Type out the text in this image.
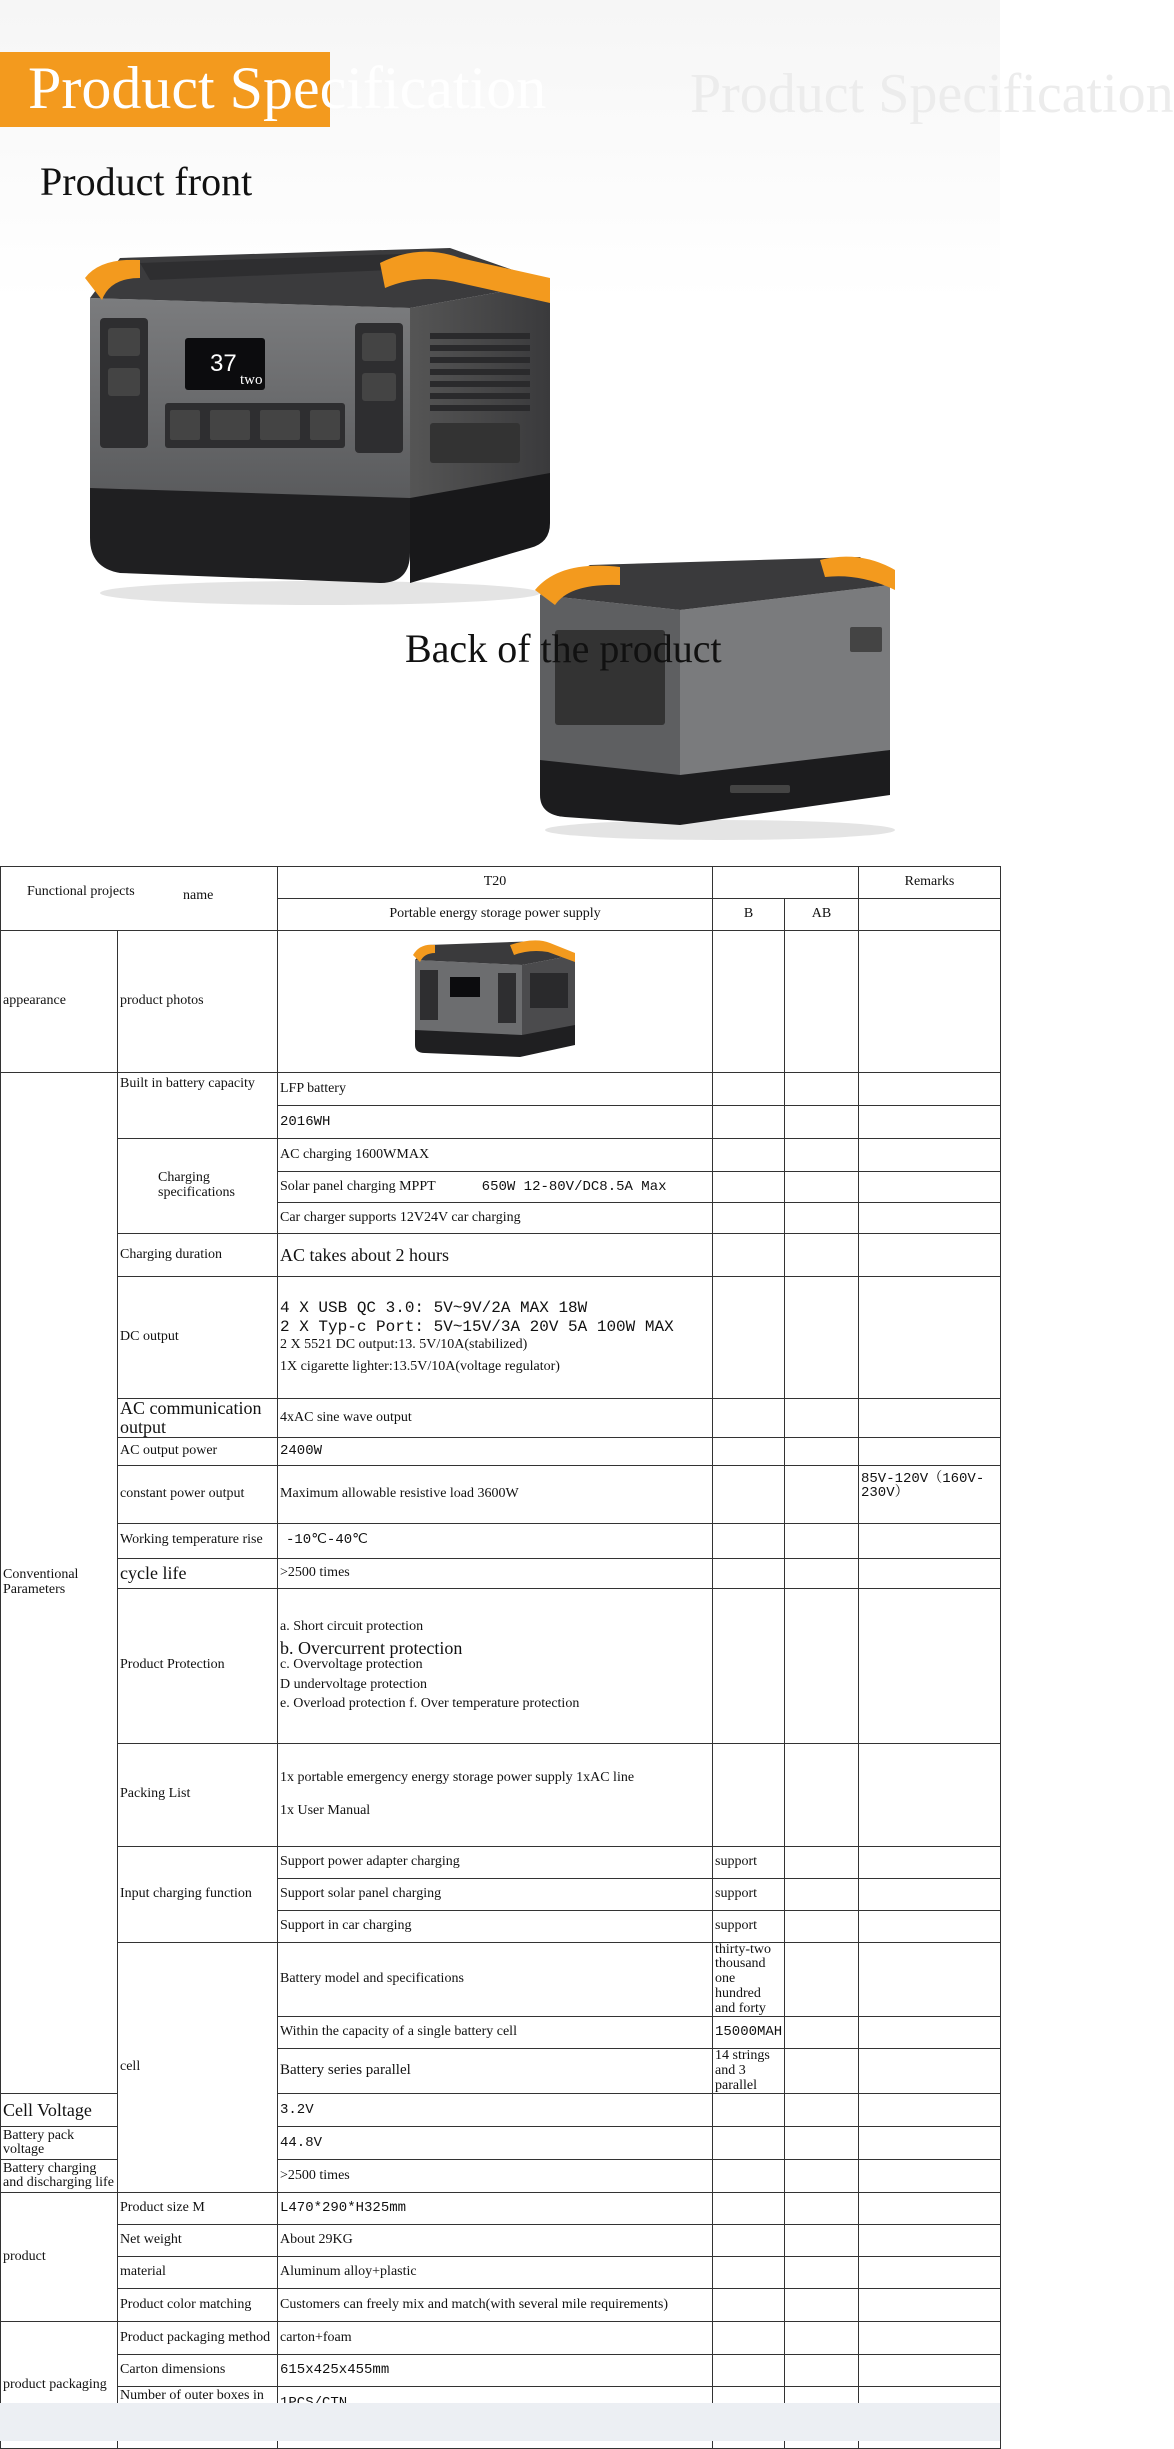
Product Specification	Product Specification
Product front
37
two
Back of the product
Functional projects name		T20			Remarks	
		Portable energy storage power supply	B	AB		
appearance	product photos				
Conventional Parameters	Built in battery capacity	LFP battery				
		2016WH				
	Charging specifications	AC charging 1600WMAX				
		Solar panel charging MPPT 650W 12-80V/DC8.5A Max				
		Car charger supports 12V24V car charging				
	Charging duration	AC takes about 2 hours				
	DC output	4 X USB QC 3.0: 5V~9V/2A MAX 18W
2 X Typ-c Port: 5V~15V/3A 20V 5A 100W MAX
2 X 5521 DC output:13. 5V/10A(stabilized)
1X cigarette lighter:13.5V/10A(voltage regulator)				

	AC communication output	4xAC sine wave output				
	AC output power	2400W				
	constant power output	Maximum allowable resistive load 3600W			85V-120V（160V-230V）	
	Working temperature rise	-10℃-40℃				
	cycle life	>2500 times				
	Product Protection	a. Short circuit protection
b. Overcurrent protection
c. Overvoltage protection
D undervoltage protection
e. Overload protection f. Over temperature protection				

	Packing List	1x portable emergency energy storage power supply 1xAC line
1x User Manual				

	Input charging function	Support power adapter charging	support			
		Support solar panel charging	support			
		Support in car charging	support			
	cell	Battery model and specifications	thirty-two thousand one hundred and forty			
		Within the capacity of a single battery cell	15000MAH			
		Battery series parallel	14 strings and 3 parallel			
Cell Voltage		3.2V				
Battery pack voltage		44.8V				
Battery charging and discharging life		>2500 times				
product	Product size M	L470*290*H325mm				
	Net weight	About 29KG				
	material	Aluminum alloy+plastic				
	Product color matching	Customers can freely mix and match(with several mile requirements)				
product packaging	Product packaging method	carton+foam				
	Carton dimensions	615x425x455mm				
	Number of outer boxes in				
